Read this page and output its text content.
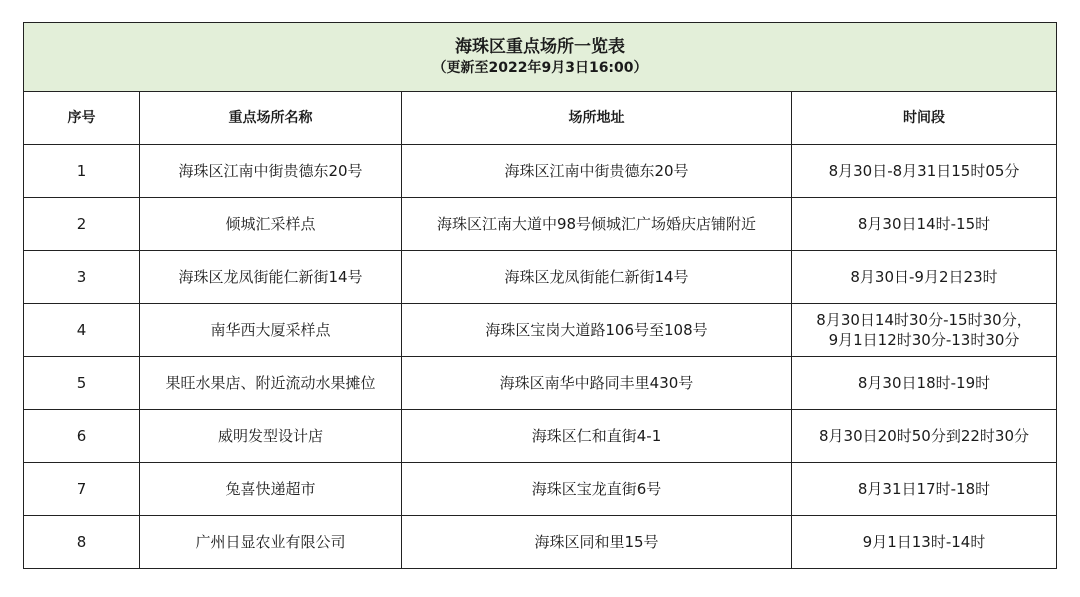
海珠区重点场所一览表
（更新至2022年9月3日16:00）			

序号	重点场所名称	场所地址	时间段
1	海珠区江南中街贵德东20号	海珠区江南中街贵德东20号	8月30日-8月31日15时05分
2	倾城汇采样点	海珠区江南大道中98号倾城汇广场婚庆店铺附近	8月30日14时-15时
3	海珠区龙凤街能仁新街14号	海珠区龙凤街能仁新街14号	8月30日-9月2日23时
4	南华西大厦采样点	海珠区宝岗大道路106号至108号	8月30日14时30分-15时30分，
9月1日12时30分-13时30分

5	果旺水果店、附近流动水果摊位	海珠区南华中路同丰里430号	8月30日18时-19时
6	威明发型设计店	海珠区仁和直街4-1	8月30日20时50分到22时30分
7	兔喜快递超市	海珠区宝龙直街6号	8月31日17时-18时
8	广州日显农业有限公司	海珠区同和里15号	9月1日13时-14时
